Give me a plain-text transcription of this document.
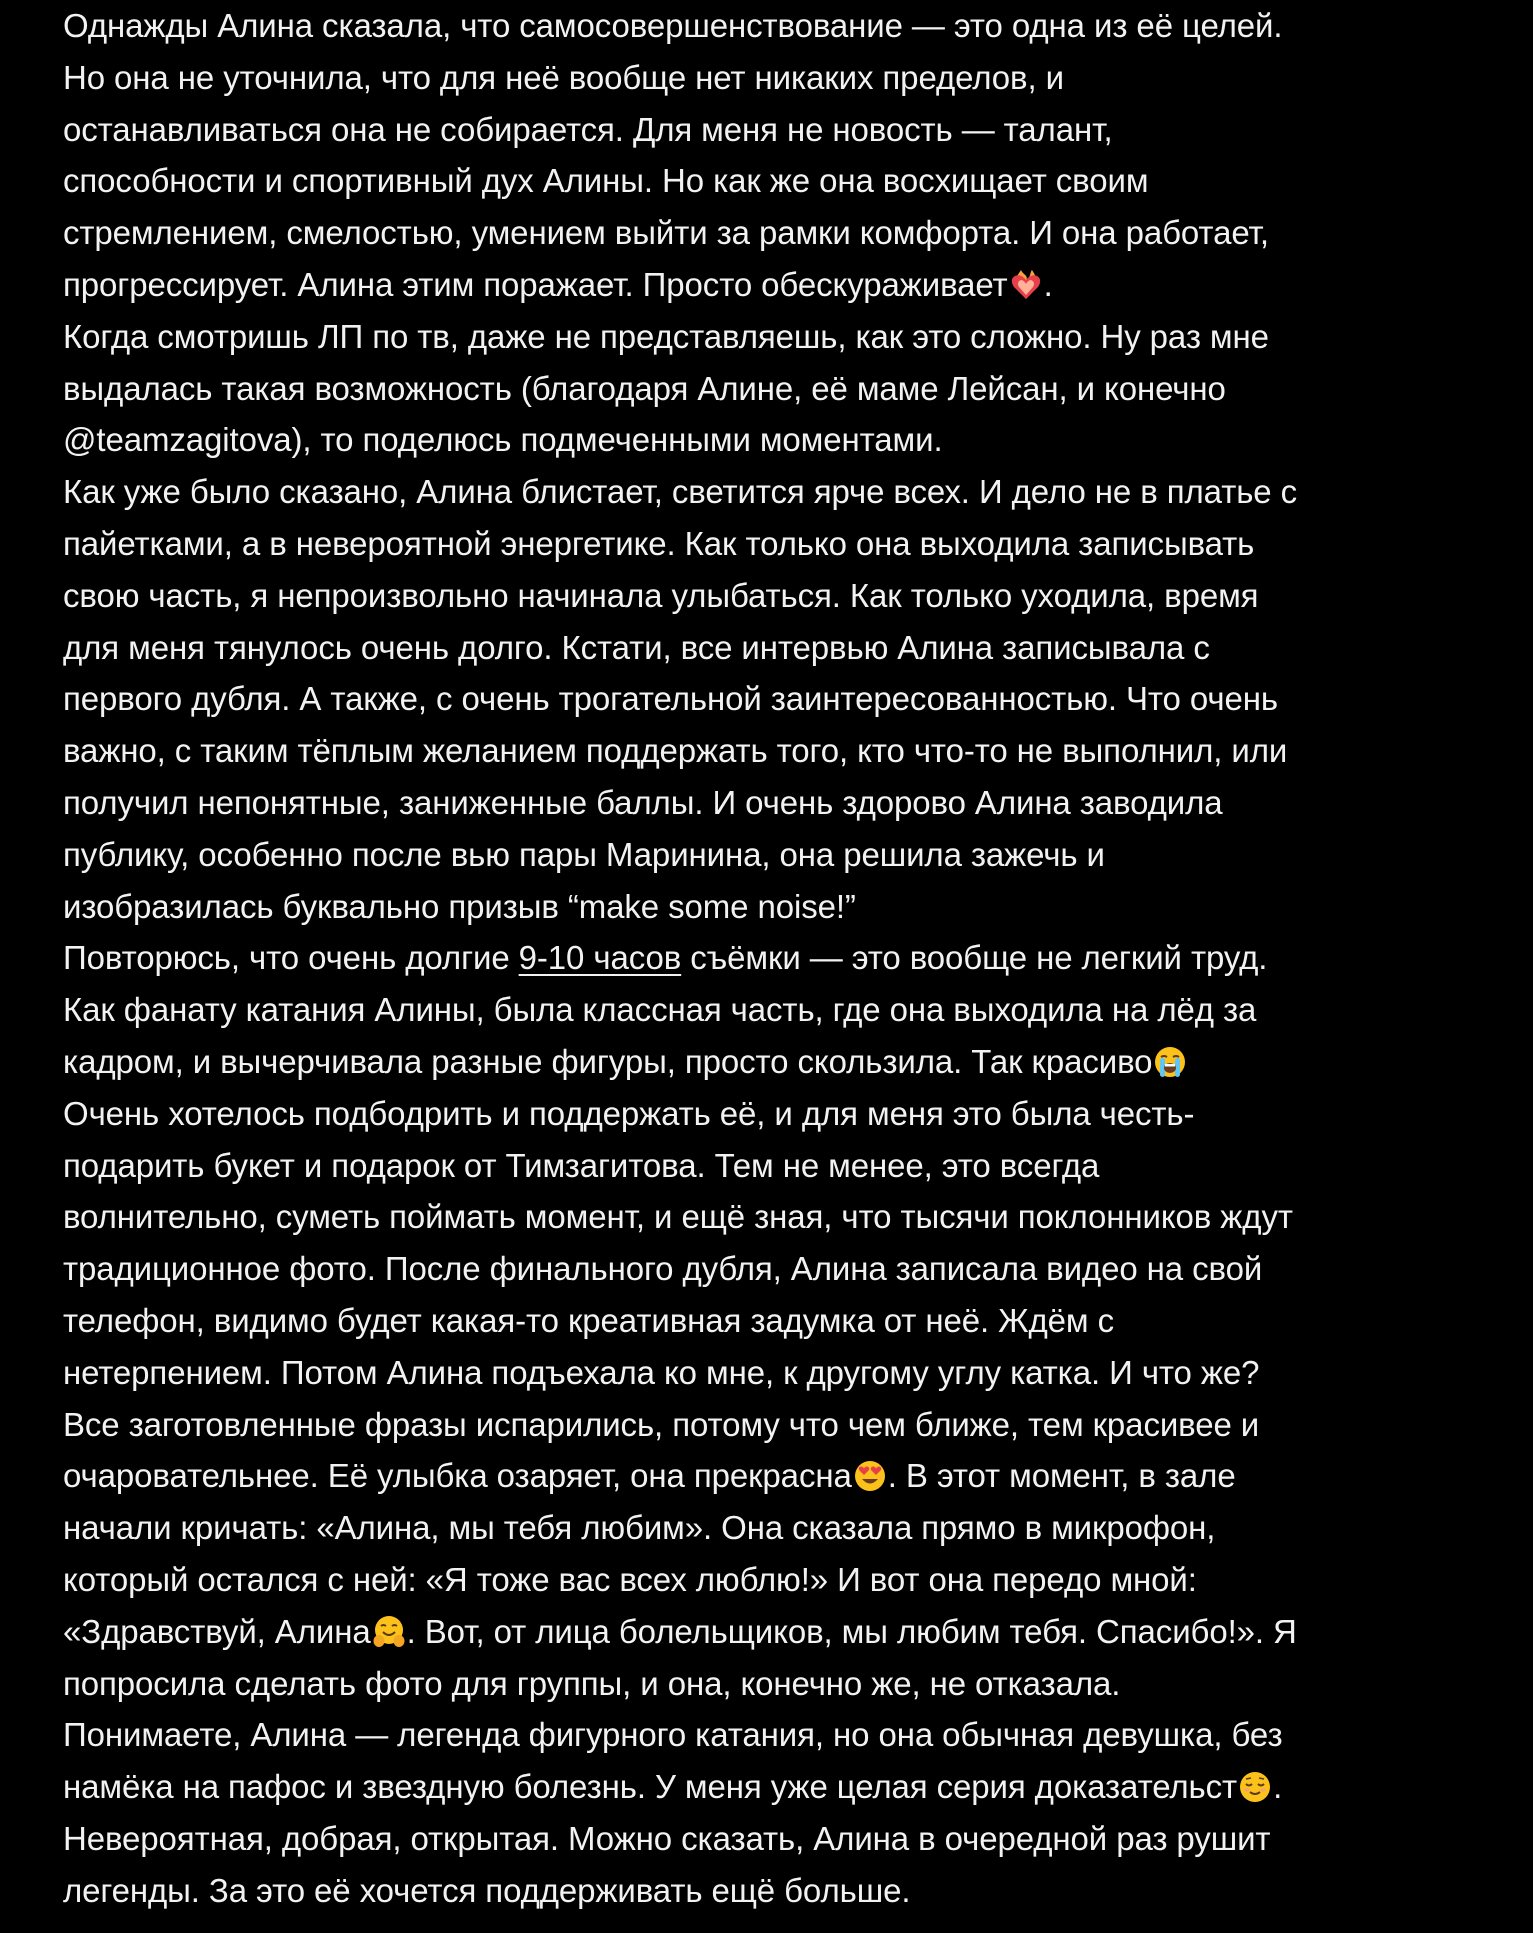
Однажды Алина сказала, что самосовершенствование — это одна из её целей.
Но она не уточнила, что для неё вообще нет никаких пределов, и
останавливаться она не собирается. Для меня не новость — талант,
способности и спортивный дух Алины. Но как же она восхищает своим
стремлением, смелостью, умением выйти за рамки комфорта. И она работает,
прогрессирует. Алина этим поражает. Просто обескураживает .
Когда смотришь ЛП по тв, даже не представляешь, как это сложно. Ну раз мне
выдалась такая возможность (благодаря Алине, её маме Лейсан, и конечно
@teamzagitova), то поделюсь подмеченными моментами.
Как уже было сказано, Алина блистает, светится ярче всех. И дело не в платье с
пайетками, а в невероятной энергетике. Как только она выходила записывать
свою часть, я непроизвольно начинала улыбаться. Как только уходила, время
для меня тянулось очень долго. Кстати, все интервью Алина записывала с
первого дубля. А также, с очень трогательной заинтересованностью. Что очень
важно, с таким тёплым желанием поддержать того, кто что-то не выполнил, или
получил непонятные, заниженные баллы. И очень здорово Алина заводила
публику, особенно после вью пары Маринина, она решила зажечь и
изобразилась буквально призыв “make some noise!”
Повторюсь, что очень долгие 9-10 часов съёмки — это вообще не легкий труд.
Как фанату катания Алины, была классная часть, где она выходила на лёд за
кадром, и вычерчивала разные фигуры, просто скользила. Так красиво
Очень хотелось подбодрить и поддержать её, и для меня это была честь-
подарить букет и подарок от Тимзагитова. Тем не менее, это всегда
волнительно, суметь поймать момент, и ещё зная, что тысячи поклонников ждут
традиционное фото. После финального дубля, Алина записала видео на свой
телефон, видимо будет какая-то креативная задумка от неё. Ждём с
нетерпением. Потом Алина подъехала ко мне, к другому углу катка. И что же?
Все заготовленные фразы испарились, потому что чем ближе, тем красивее и
очаровательнее. Её улыбка озаряет, она прекрасна . В этот момент, в зале
начали кричать: «Алина, мы тебя любим». Она сказала прямо в микрофон,
который остался с ней: «Я тоже вас всех люблю!» И вот она передо мной:
«Здравствуй, Алина . Вот, от лица болельщиков, мы любим тебя. Спасибо!». Я
попросила сделать фото для группы, и она, конечно же, не отказала.
Понимаете, Алина — легенда фигурного катания, но она обычная девушка, без
намёка на пафос и звездную болезнь. У меня уже целая серия доказательст .
Невероятная, добрая, открытая. Можно сказать, Алина в очередной раз рушит
легенды. За это её хочется поддерживать ещё больше.
